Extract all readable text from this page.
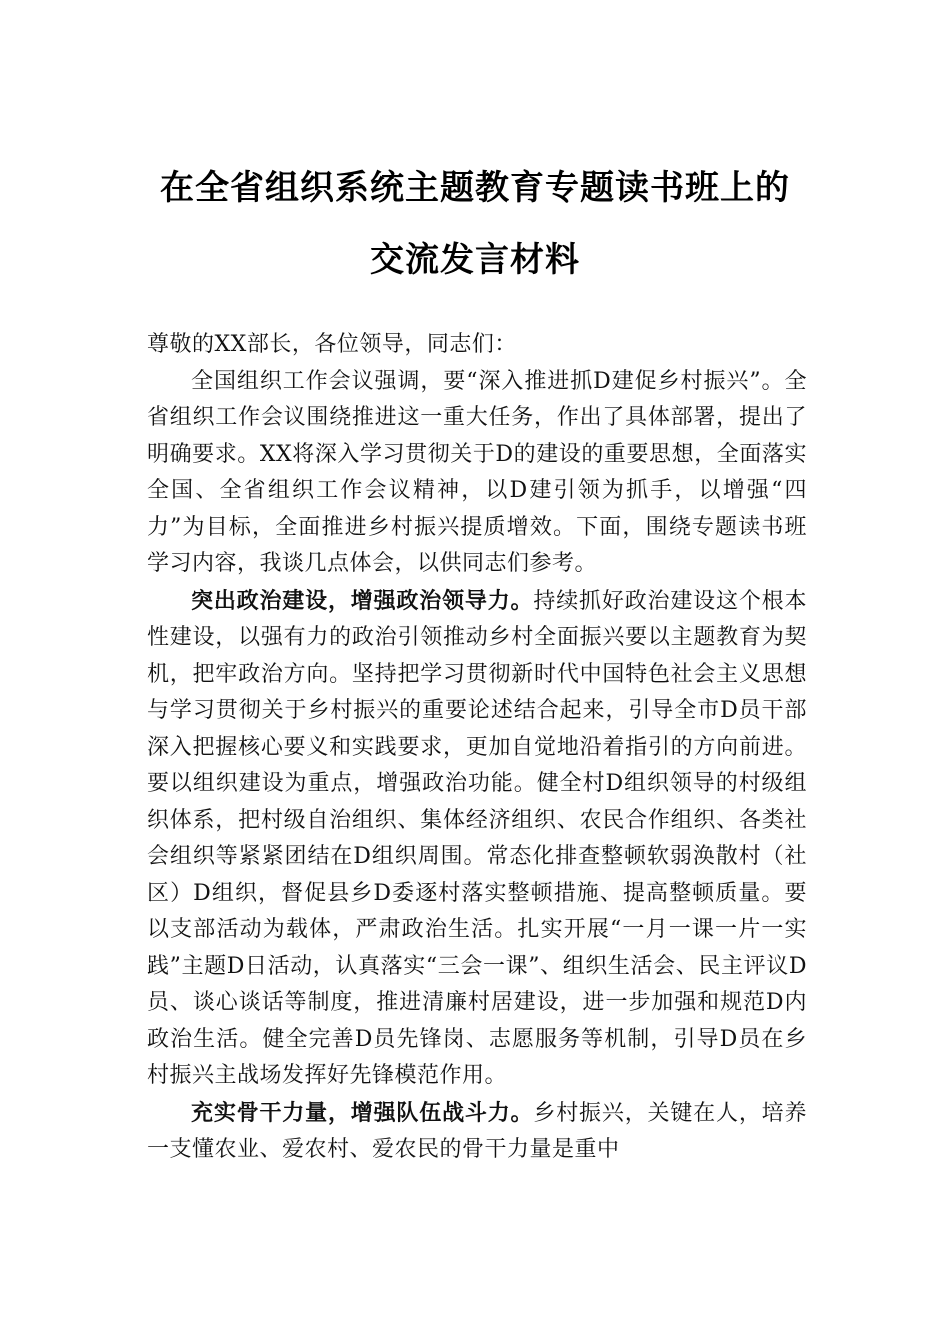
在全省组织系统主题教育专题读书班上的
交流发言材料

尊敬的XX部长，各位领导，同志们：

全国组织工作会议强调，要“深入推进抓D建促乡村振兴”。全省组织工作会议围绕推进这一重大任务，作出了具体部署，提出了明确要求。XX将深入学习贯彻关于D的建设的重要思想，全面落实全国、全省组织工作会议精神，以D建引领为抓手，以增强“四力”为目标，全面推进乡村振兴提质增效。下面，围绕专题读书班学习内容，我谈几点体会，以供同志们参考。

突出政治建设，增强政治领导力。持续抓好政治建设这个根本性建设，以强有力的政治引领推动乡村全面振兴要以主题教育为契机，把牢政治方向。坚持把学习贯彻新时代中国特色社会主义思想与学习贯彻关于乡村振兴的重要论述结合起来，引导全市D员干部深入把握核心要义和实践要求，更加自觉地沿着指引的方向前进。要以组织建设为重点，增强政治功能。健全村D组织领导的村级组织体系，把村级自治组织、集体经济组织、农民合作组织、各类社会组织等紧紧团结在D组织周围。常态化排查整顿软弱涣散村（社区）D组织，督促县乡D委逐村落实整顿措施、提高整顿质量。要以支部活动为载体，严肃政治生活。扎实开展“一月一课一片一实践”主题D日活动，认真落实“三会一课”、组织生活会、民主评议D员、谈心谈话等制度，推进清廉村居建设，进一步加强和规范D内政治生活。健全完善D员先锋岗、志愿服务等机制，引导D员在乡村振兴主战场发挥好先锋模范作用。

充实骨干力量，增强队伍战斗力。乡村振兴，关键在人，培养一支懂农业、爱农村、爱农民的骨干力量是重中
